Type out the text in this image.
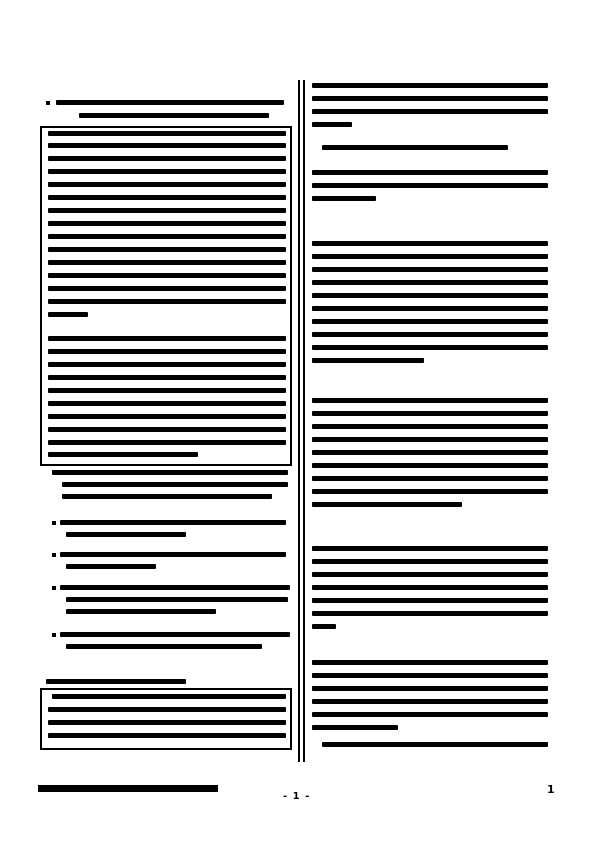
- 1 -
1
